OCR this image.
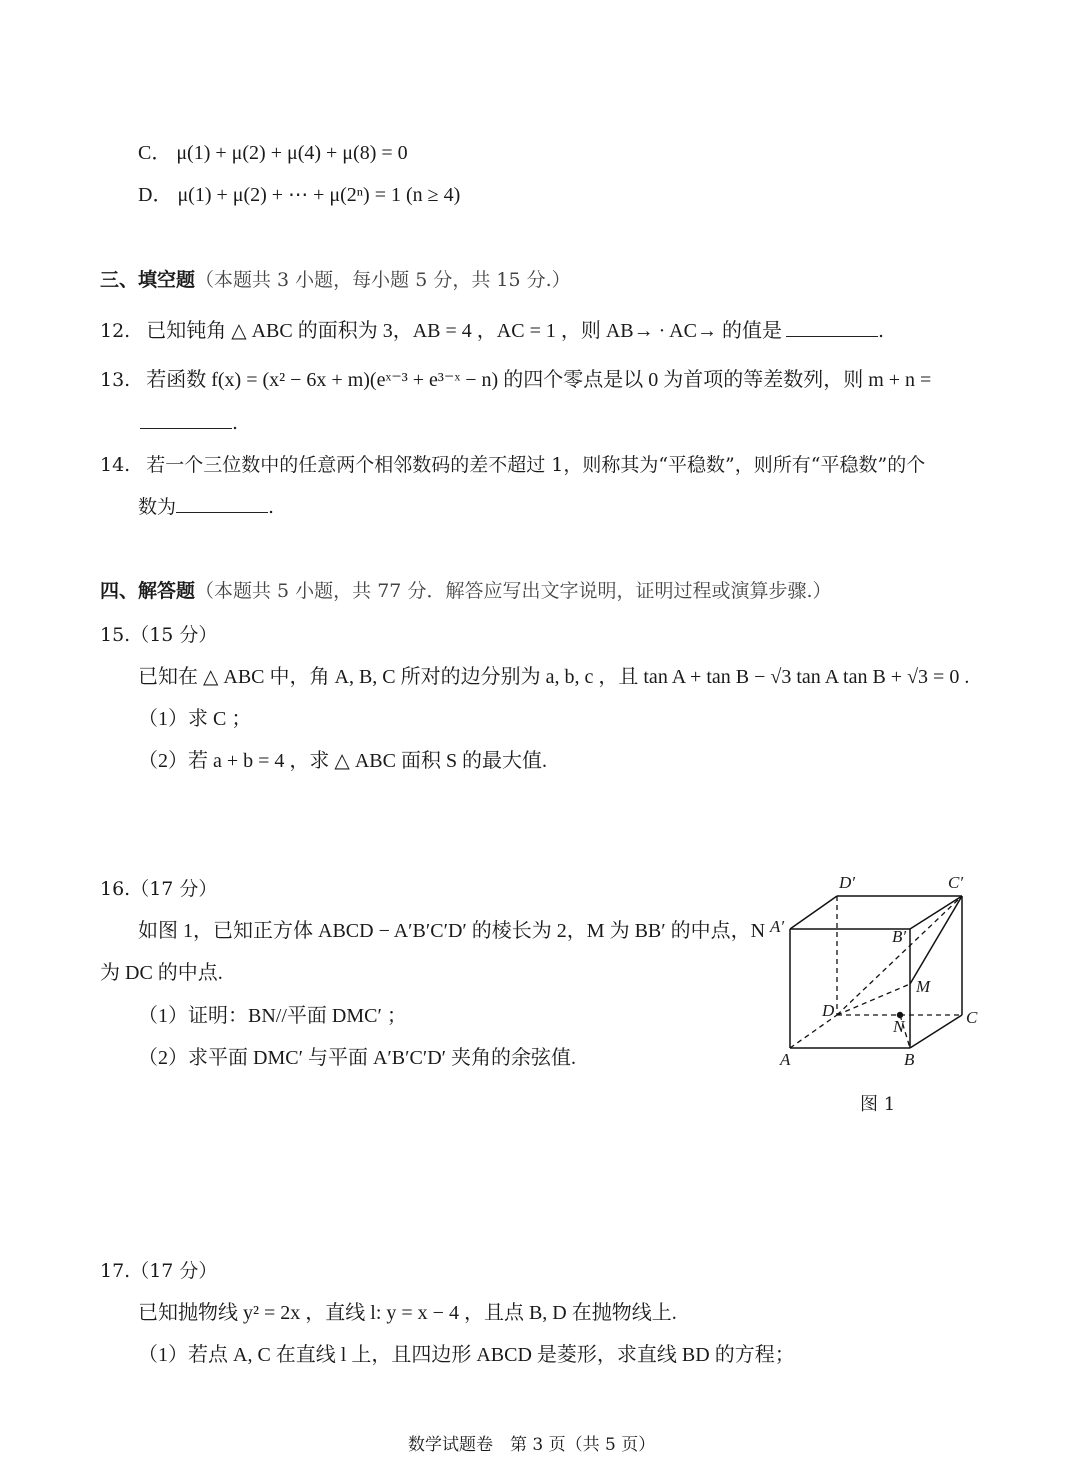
C． μ(1) + μ(2) + μ(4) + μ(8) = 0
D． μ(1) + μ(2) + ⋯ + μ(2ⁿ) = 1 (n ≥ 4)
三、填空题（本题共 3 小题，每小题 5 分，共 15 分.）
12. 已知钝角 △ ABC 的面积为 3，AB = 4 ，AC = 1 ，则 AB→ · AC→ 的值是	.
13. 若函数 f(x) = (x² − 6x + m)(eˣ⁻³ + e³⁻ˣ − n) 的四个零点是以 0 为首项的等差数列，则 m + n =
.
14. 若一个三位数中的任意两个相邻数码的差不超过 1，则称其为“平稳数”，则所有“平稳数”的个
数为	.
四、解答题（本题共 5 小题，共 77 分．解答应写出文字说明，证明过程或演算步骤.）
15.（15 分）
已知在 △ ABC 中，角 A, B, C 所对的边分别为 a, b, c ，且 tan A + tan B − √3 tan A tan B + √3 = 0 .
（1）求 C ；
（2）若 a + b = 4 ，求 △ ABC 面积 S 的最大值.
16.（17 分）
如图 1，已知正方体 ABCD − A′B′C′D′ 的棱长为 2，M 为 BB′ 的中点，N
为 DC 的中点.
（1）证明：BN//平面 DMC′ ；
（2）求平面 DMC′ 与平面 A′B′C′D′ 夹角的余弦值.
D′	C′
A′
B′
M
D
N	C
A	B
图 1
17.（17 分）
已知抛物线 y² = 2x ，直线 l: y = x − 4 ，且点 B, D 在抛物线上.
（1）若点 A, C 在直线 l 上，且四边形 ABCD 是菱形，求直线 BD 的方程；
数学试题卷　第 3 页（共 5 页）
